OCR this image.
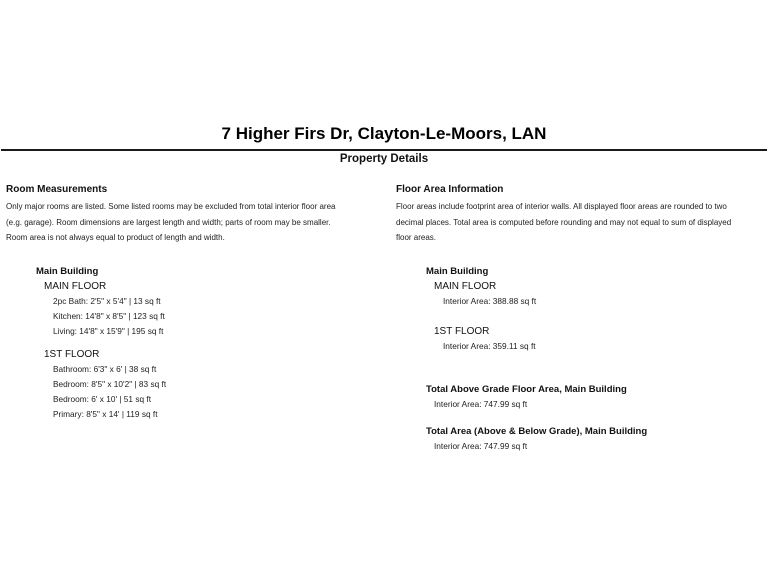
7 Higher Firs Dr, Clayton-Le-Moors, LAN
Property Details
Room Measurements

Only major rooms are listed. Some listed rooms may be excluded from total interior floor area

(e.g. garage). Room dimensions are largest length and width; parts of room may be smaller.

Room area is not always equal to product of length and width.

Main Building
MAIN FLOOR
2pc Bath: 2'5" x 5'4" | 13 sq ft
Kitchen: 14'8" x 8'5" | 123 sq ft
Living: 14'8" x 15'9" | 195 sq ft
1ST FLOOR
Bathroom: 6'3" x 6' | 38 sq ft
Bedroom: 8'5" x 10'2" | 83 sq ft
Bedroom: 6' x 10' | 51 sq ft
Primary: 8'5" x 14' | 119 sq ft
Floor Area Information

Floor areas include footprint area of interior walls. All displayed floor areas are rounded to two

decimal places. Total area is computed before rounding and may not equal to sum of displayed

floor areas.

Main Building
MAIN FLOOR
Interior Area: 388.88 sq ft
1ST FLOOR
Interior Area: 359.11 sq ft
Total Above Grade Floor Area, Main Building
Interior Area: 747.99 sq ft
Total Area (Above & Below Grade), Main Building
Interior Area: 747.99 sq ft
